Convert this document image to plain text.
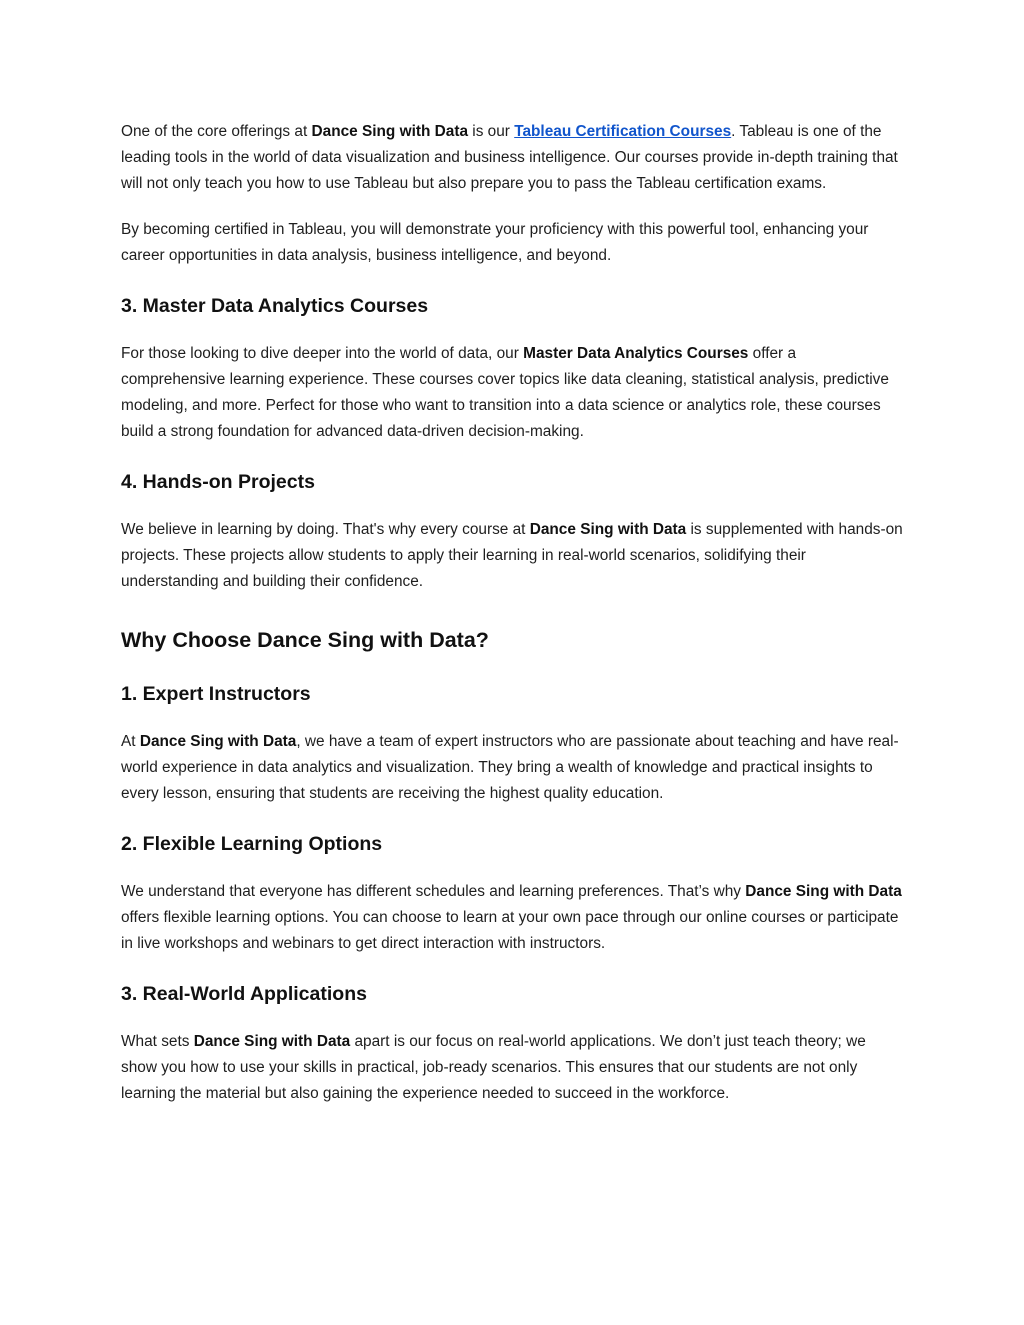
One of the core offerings at Dance Sing with Data is our Tableau Certification Courses. Tableau is one of the leading tools in the world of data visualization and business intelligence. Our courses provide in-depth training that will not only teach you how to use Tableau but also prepare you to pass the Tableau certification exams.

By becoming certified in Tableau, you will demonstrate your proficiency with this powerful tool, enhancing your career opportunities in data analysis, business intelligence, and beyond.

3. Master Data Analytics Courses

For those looking to dive deeper into the world of data, our Master Data Analytics Courses offer a comprehensive learning experience. These courses cover topics like data cleaning, statistical analysis, predictive modeling, and more. Perfect for those who want to transition into a data science or analytics role, these courses build a strong foundation for advanced data-driven decision-making.

4. Hands-on Projects

We believe in learning by doing. That's why every course at Dance Sing with Data is supplemented with hands-on projects. These projects allow students to apply their learning in real-world scenarios, solidifying their understanding and building their confidence.

Why Choose Dance Sing with Data?
1. Expert Instructors

At Dance Sing with Data, we have a team of expert instructors who are passionate about teaching and have real-world experience in data analytics and visualization. They bring a wealth of knowledge and practical insights to every lesson, ensuring that students are receiving the highest quality education.

2. Flexible Learning Options

We understand that everyone has different schedules and learning preferences. That’s why Dance Sing with Data offers flexible learning options. You can choose to learn at your own pace through our online courses or participate in live workshops and webinars to get direct interaction with instructors.

3. Real-World Applications

What sets Dance Sing with Data apart is our focus on real-world applications. We don’t just teach theory; we show you how to use your skills in practical, job-ready scenarios. This ensures that our students are not only learning the material but also gaining the experience needed to succeed in the workforce.
